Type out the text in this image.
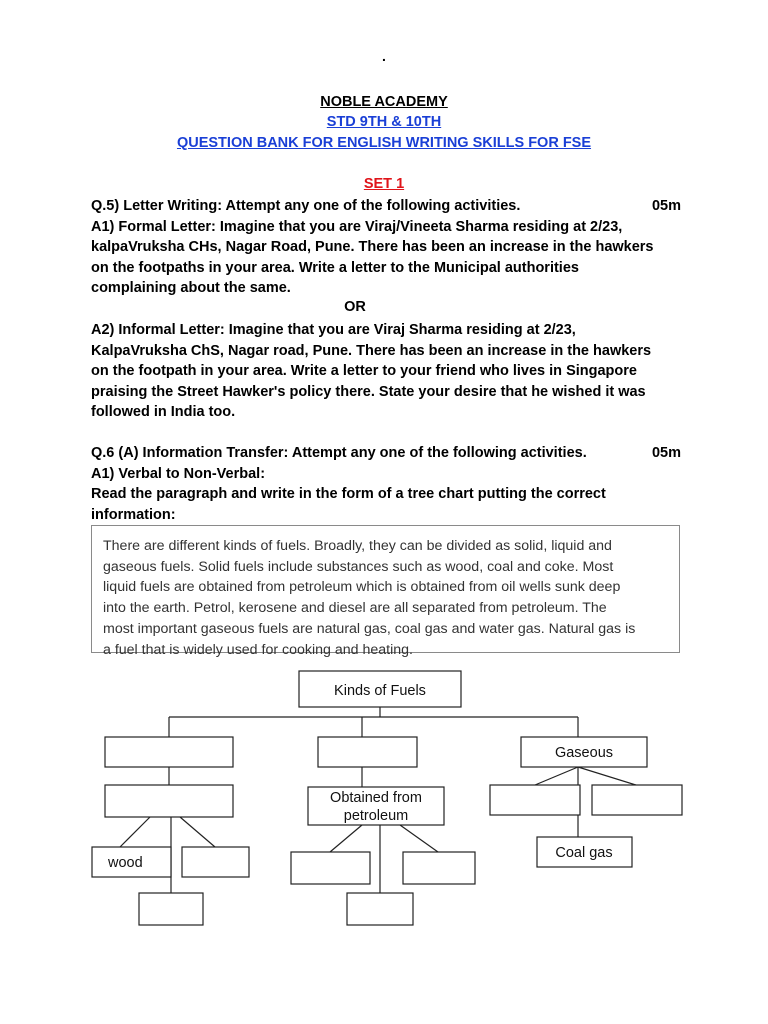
.
NOBLE ACADEMY
STD 9TH & 10TH
QUESTION BANK FOR ENGLISH WRITING SKILLS FOR FSE
SET 1
Q.5) Letter Writing: Attempt any one of the following activities.	05m
A1) Formal Letter: Imagine that you are Viraj/Vineeta Sharma residing at 2/23,
kalpaVruksha CHs, Nagar Road, Pune. There has been an increase in the hawkers
on the footpaths in your area. Write a letter to the Municipal authorities
complaining about the same.
OR
A2) Informal Letter: Imagine that you are Viraj Sharma residing at 2/23,
KalpaVruksha ChS, Nagar road, Pune. There has been an increase in the hawkers
on the footpath in your area. Write a letter to your friend who lives in Singapore
praising the Street Hawker's policy there. State your desire that he wished it was
followed in India too.
Q.6 (A) Information Transfer: Attempt any one of the following activities.	05m
A1) Verbal to Non-Verbal:
Read the paragraph and write in the form of a tree chart putting the correct
information:
There are different kinds of fuels. Broadly, they can be divided as solid, liquid and
gaseous fuels. Solid fuels include substances such as wood, coal and coke. Most
liquid fuels are obtained from petroleum which is obtained from oil wells sunk deep
into the earth. Petrol, kerosene and diesel are all separated from petroleum. The
most important gaseous fuels are natural gas, coal gas and water gas. Natural gas is
a fuel that is widely used for cooking and heating.
Kinds of Fuels
Gaseous
Obtained from
petroleum
wood
Coal gas
